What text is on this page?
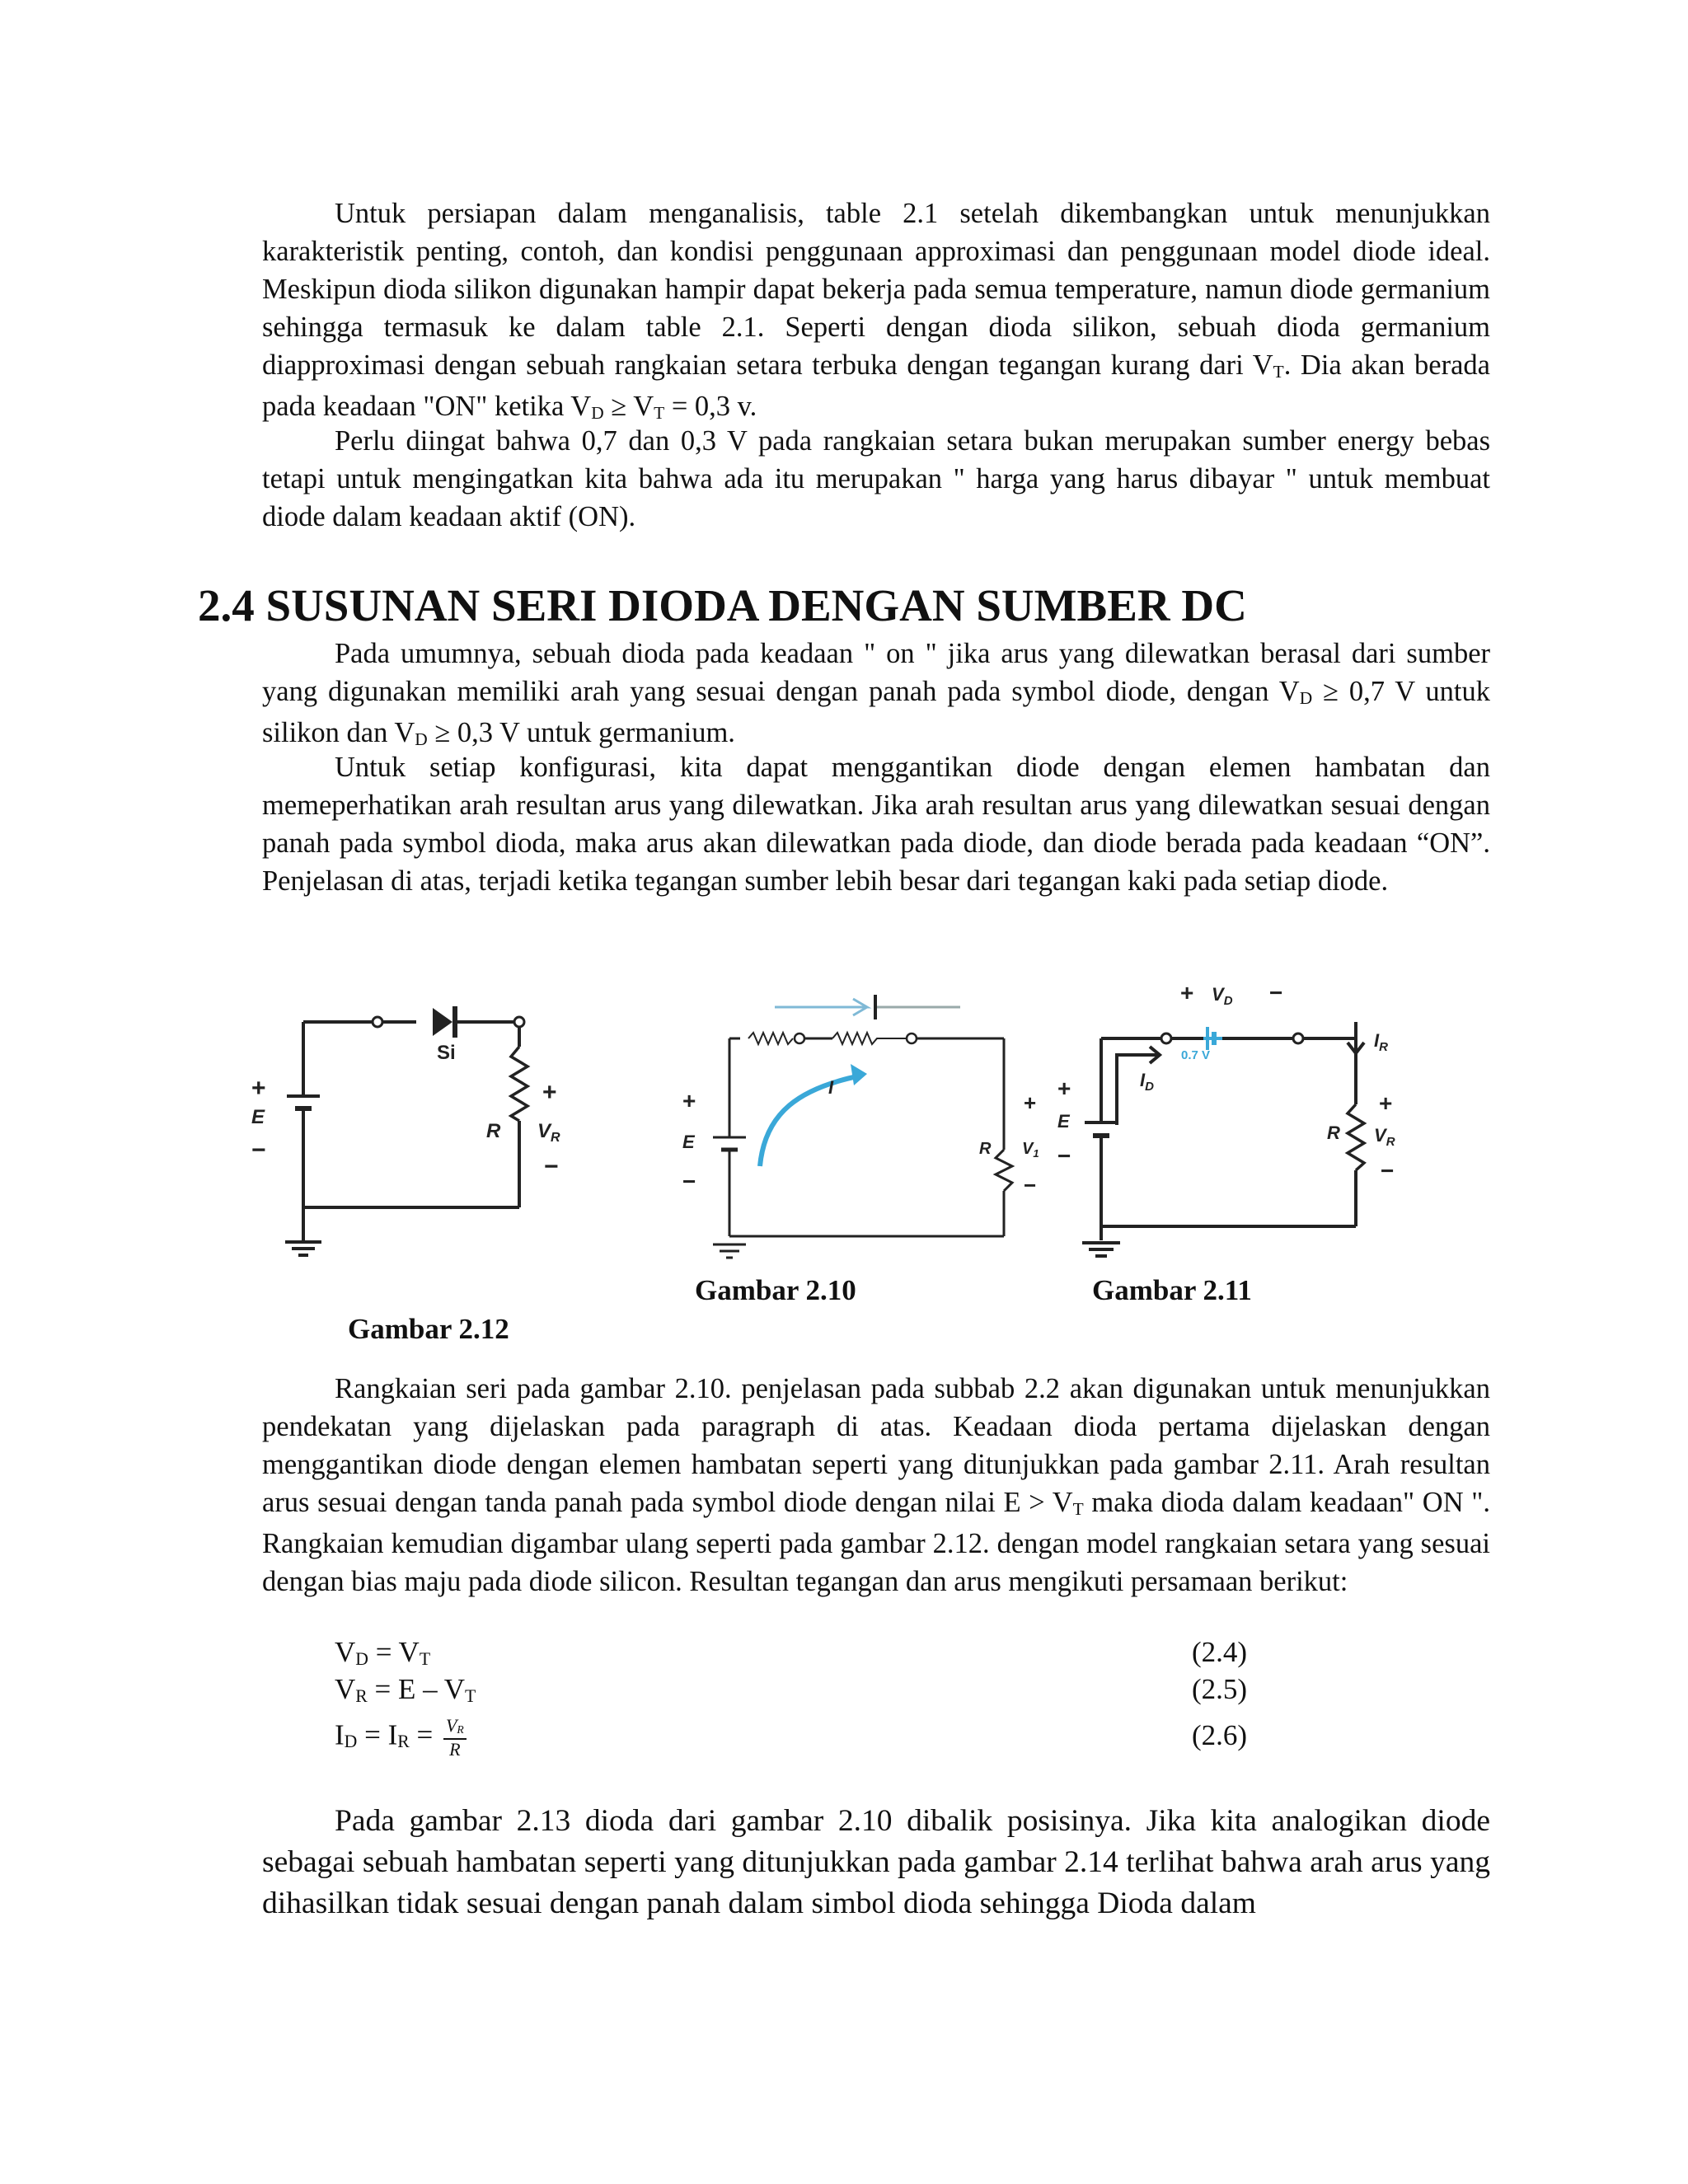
Untuk persiapan dalam menganalisis, table 2.1 setelah dikembangkan untuk menunjukkan karakteristik penting, contoh, dan kondisi penggunaan approximasi dan penggunaan model diode ideal. Meskipun dioda silikon digunakan hampir dapat bekerja pada semua temperature, namun diode germanium sehingga termasuk ke dalam table 2.1. Seperti dengan dioda silikon, sebuah dioda germanium diapproximasi dengan sebuah rangkaian setara terbuka dengan tegangan kurang dari $V_T$. Dia akan berada pada keadaan "ON" ketika $V_D \ge V_T = 0,3$ v.

Perlu diingat bahwa 0,7 dan 0,3 V pada rangkaian setara bukan merupakan sumber energy bebas tetapi untuk mengingatkan kita bahwa ada itu merupakan " harga yang harus dibayar " untuk membuat diode dalam keadaan aktif (ON).

2.4 SUSUNAN SERI DIODA DENGAN SUMBER DC

Pada umumnya, sebuah dioda pada keadaan " on " jika arus yang dilewatkan berasal dari sumber yang digunakan memiliki arah yang sesuai dengan panah pada symbol diode, dengan $V_D \ge 0,7$ V untuk silikon dan $V_D \ge 0,3$ V untuk germanium.

Untuk setiap konfigurasi, kita dapat menggantikan diode dengan elemen hambatan dan memeperhatikan arah resultan arus yang dilewatkan. Jika arah resultan arus yang dilewatkan sesuai dengan panah pada symbol dioda, maka arus akan dilewatkan pada diode, dan diode berada pada keadaan “ON”. Penjelasan di atas, terjadi ketika tegangan sumber lebih besar dari tegangan kaki pada setiap diode.

Si
+
E
−
R
+
$V_R$
−
I
+
E
−
R
+
$V_1$
−
0.7 V
+ $V_D$ −
$I_D$
$I_R$
+
E
−
R
+
$V_R$
−
Gambar 2.10	Gambar 2.11
Gambar 2.12

Rangkaian seri pada gambar 2.10. penjelasan pada subbab 2.2 akan digunakan untuk menunjukkan pendekatan yang dijelaskan pada paragraph di atas. Keadaan dioda pertama dijelaskan dengan menggantikan diode dengan elemen hambatan seperti yang ditunjukkan pada gambar 2.11. Arah resultan arus sesuai dengan tanda panah pada symbol diode dengan nilai $E > V_T$ maka dioda dalam keadaan" ON ". Rangkaian kemudian digambar ulang seperti pada gambar 2.12. dengan model rangkaian setara yang sesuai dengan bias maju pada diode silicon. Resultan tegangan dan arus mengikuti persamaan berikut:

$V_D = V_T$	(2.4)
$V_R = E - V_T$	(2.5)
$I_D = I_R = \frac{V_R}{R}$	(2.6)

Pada gambar 2.13 dioda dari gambar 2.10 dibalik posisinya. Jika kita analogikan diode sebagai sebuah hambatan seperti yang ditunjukkan pada gambar 2.14 terlihat bahwa arah arus yang dihasilkan tidak sesuai dengan panah dalam simbol dioda sehingga Dioda dalam
